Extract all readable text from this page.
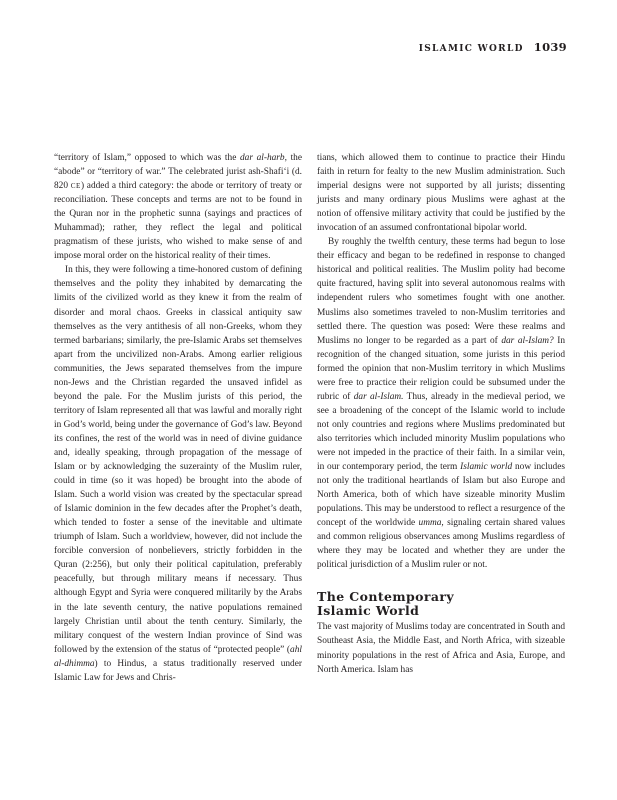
ISLAMIC WORLD 1039

“territory of Islam,” opposed to which was the dar al-harb, the “abode” or “territory of war.” The celebrated jurist ash-Shafi‘i (d. 820 CE) added a third category: the abode or territory of treaty or reconciliation. These concepts and terms are not to be found in the Quran nor in the prophetic sunna (sayings and practices of Muhammad); rather, they reflect the legal and political pragmatism of these jurists, who wished to make sense of and impose moral order on the historical reality of their times.

In this, they were following a time-honored custom of defining themselves and the polity they inhabited by demarcating the limits of the civilized world as they knew it from the realm of disorder and moral chaos. Greeks in classical antiquity saw themselves as the very antithesis of all non-Greeks, whom they termed barbarians; similarly, the pre-Islamic Arabs set themselves apart from the uncivilized non-Arabs. Among earlier religious communities, the Jews separated themselves from the impure non-Jews and the Christian regarded the unsaved infidel as beyond the pale. For the Muslim jurists of this period, the territory of Islam represented all that was lawful and morally right in God’s world, being under the governance of God’s law. Beyond its confines, the rest of the world was in need of divine guidance and, ideally speaking, through propagation of the message of Islam or by acknowledging the suzerainty of the Muslim ruler, could in time (so it was hoped) be brought into the abode of Islam. Such a world vision was created by the spectacular spread of Islamic dominion in the few decades after the Prophet’s death, which tended to foster a sense of the inevitable and ultimate triumph of Islam. Such a worldview, however, did not include the forcible conversion of nonbelievers, strictly forbidden in the Quran (2:256), but only their political capitulation, preferably peacefully, but through military means if necessary. Thus although Egypt and Syria were conquered militarily by the Arabs in the late seventh century, the native populations remained largely Christian until about the tenth century. Similarly, the military conquest of the western Indian province of Sind was followed by the extension of the status of “protected people” (ahl al-dhimma) to Hindus, a status traditionally reserved under Islamic Law for Jews and Chris-

tians, which allowed them to continue to practice their Hindu faith in return for fealty to the new Muslim administration. Such imperial designs were not supported by all jurists; dissenting jurists and many ordinary pious Muslims were aghast at the notion of offensive military activity that could be justified by the invocation of an assumed confrontational bipolar world.

By roughly the twelfth century, these terms had begun to lose their efficacy and began to be redefined in response to changed historical and political realities. The Muslim polity had become quite fractured, having split into several autonomous realms with independent rulers who sometimes fought with one another. Muslims also sometimes traveled to non-Muslim territories and settled there. The question was posed: Were these realms and Muslims no longer to be regarded as a part of dar al-Islam? In recognition of the changed situation, some jurists in this period formed the opinion that non-Muslim territory in which Muslims were free to practice their religion could be subsumed under the rubric of dar al-Islam. Thus, already in the medieval period, we see a broadening of the concept of the Islamic world to include not only countries and regions where Muslims predominated but also territories which included minority Muslim populations who were not impeded in the practice of their faith. In a similar vein, in our contemporary period, the term Islamic world now includes not only the traditional heartlands of Islam but also Europe and North America, both of which have sizeable minority Muslim populations. This may be understood to reflect a resurgence of the concept of the worldwide umma, signaling certain shared values and common religious observances among Muslims regardless of where they may be located and whether they are under the political jurisdiction of a Muslim ruler or not.

The Contemporary
Islamic World

The vast majority of Muslims today are concentrated in South and Southeast Asia, the Middle East, and North Africa, with sizeable minority populations in the rest of Africa and Asia, Europe, and North America. Islam has
